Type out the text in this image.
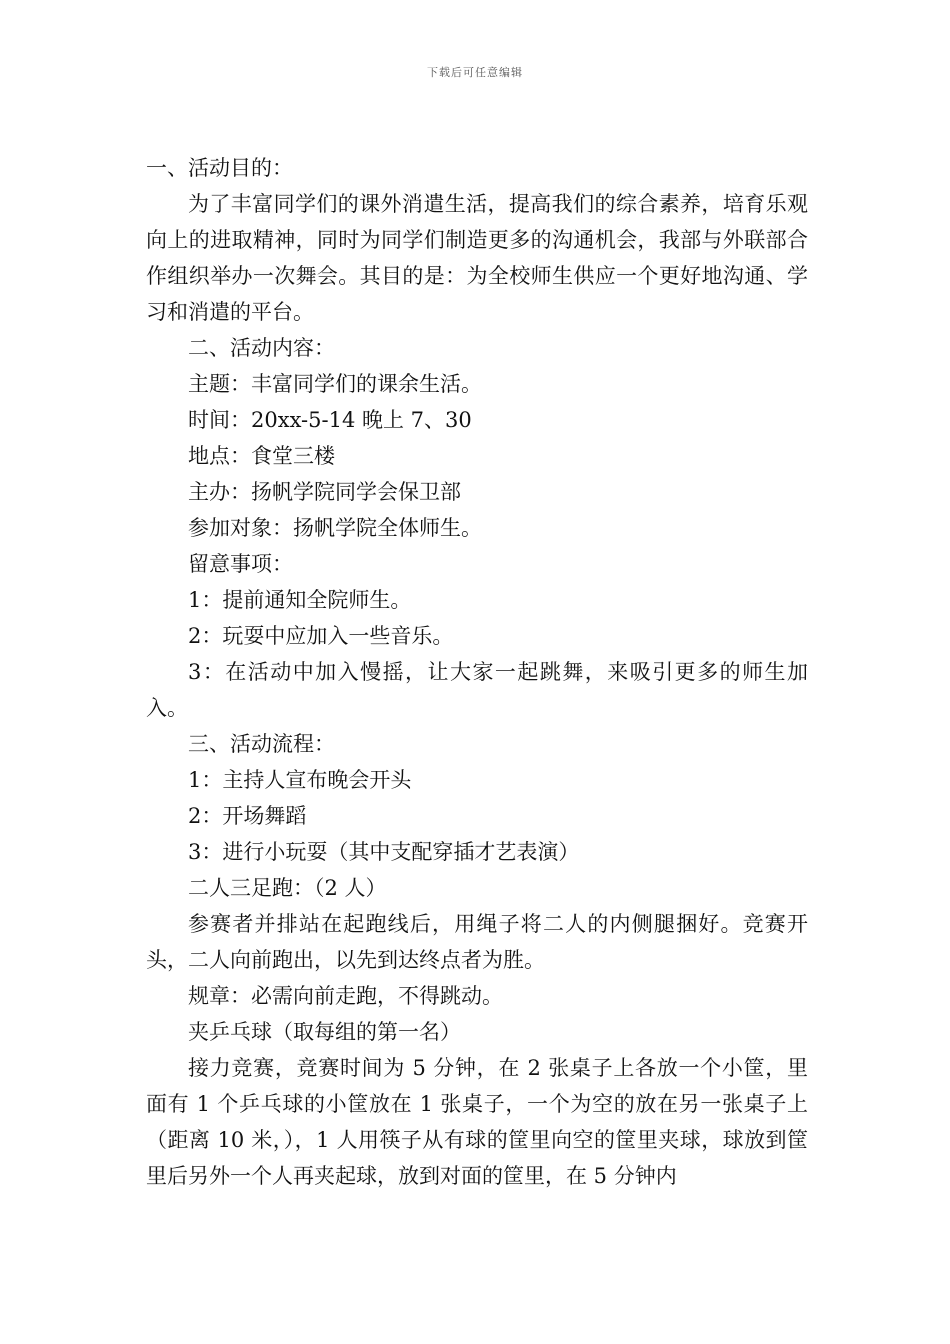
下载后可任意编辑

一、活动目的：

为了丰富同学们的课外消遣生活，提高我们的综合素养，培育乐观向上的进取精神，同时为同学们制造更多的沟通机会，我部与外联部合作组织举办一次舞会。其目的是：为全校师生供应一个更好地沟通、学习和消遣的平台。

二、活动内容：

主题：丰富同学们的课余生活。

时间：20xx-5-14 晚上 7、30

地点：食堂三楼

主办：扬帆学院同学会保卫部

参加对象：扬帆学院全体师生。

留意事项：

1：提前通知全院师生。

2：玩耍中应加入一些音乐。

3：在活动中加入慢摇，让大家一起跳舞，来吸引更多的师生加入。

三、活动流程：

1：主持人宣布晚会开头

2：开场舞蹈

3：进行小玩耍（其中支配穿插才艺表演）

二人三足跑：（2 人）

参赛者并排站在起跑线后，用绳子将二人的内侧腿捆好。竞赛开头，二人向前跑出，以先到达终点者为胜。

规章：必需向前走跑，不得跳动。

夹乒乓球（取每组的第一名）

接力竞赛，竞赛时间为 5 分钟，在 2 张桌子上各放一个小筐，里面有 1 个乒乓球的小筐放在 1 张桌子，一个为空的放在另一张桌子上（距离 10 米，），1 人用筷子从有球的筐里向空的筐里夹球，球放到筐里后另外一个人再夹起球，放到对面的筐里，在 5 分钟内
